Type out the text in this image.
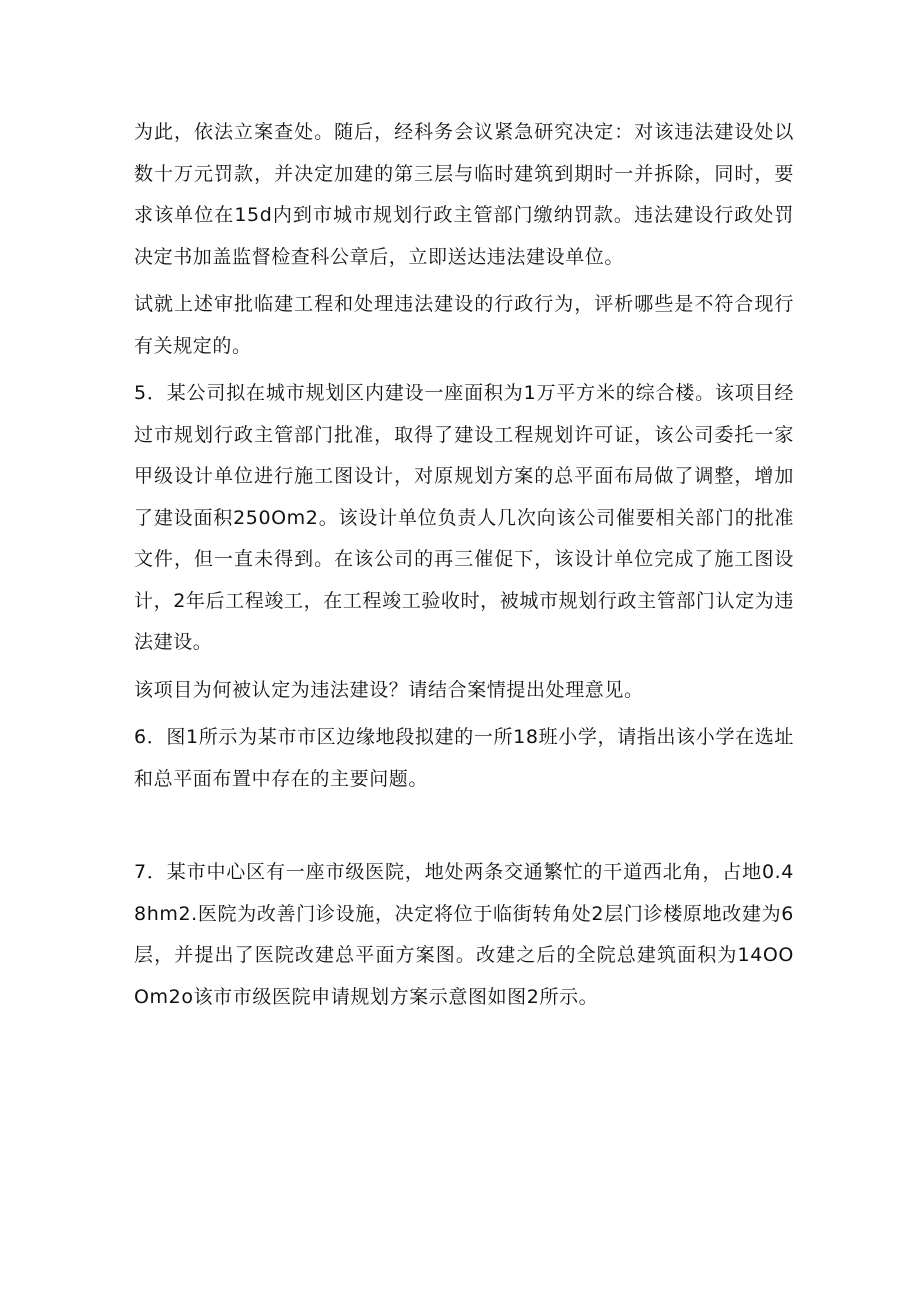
为此，依法立案查处。随后，经科务会议紧急研究决定：对该违法建设处以数十万元罚款，并决定加建的第三层与临时建筑到期时一并拆除，同时，要求该单位在15d内到市城市规划行政主管部门缴纳罚款。违法建设行政处罚决定书加盖监督检查科公章后，立即送达违法建设单位。

试就上述审批临建工程和处理违法建设的行政行为，评析哪些是不符合现行有关规定的。

5．某公司拟在城市规划区内建设一座面积为1万平方米的综合楼。该项目经过市规划行政主管部门批准，取得了建设工程规划许可证，该公司委托一家甲级设计单位进行施工图设计，对原规划方案的总平面布局做了调整，增加了建设面积250Om2。该设计单位负责人几次向该公司催要相关部门的批准文件，但一直未得到。在该公司的再三催促下，该设计单位完成了施工图设计，2年后工程竣工，在工程竣工验收时，被城市规划行政主管部门认定为违法建设。

该项目为何被认定为违法建设？请结合案情提出处理意见。

6．图1所示为某市市区边缘地段拟建的一所18班小学，请指出该小学在选址和总平面布置中存在的主要问题。

7．某市中心区有一座市级医院，地处两条交通繁忙的干道西北角，占地0.48hm2.医院为改善门诊设施，决定将位于临街转角处2层门诊楼原地改建为6层，并提出了医院改建总平面方案图。改建之后的全院总建筑面积为14OOOm2o该市市级医院申请规划方案示意图如图2所示。
